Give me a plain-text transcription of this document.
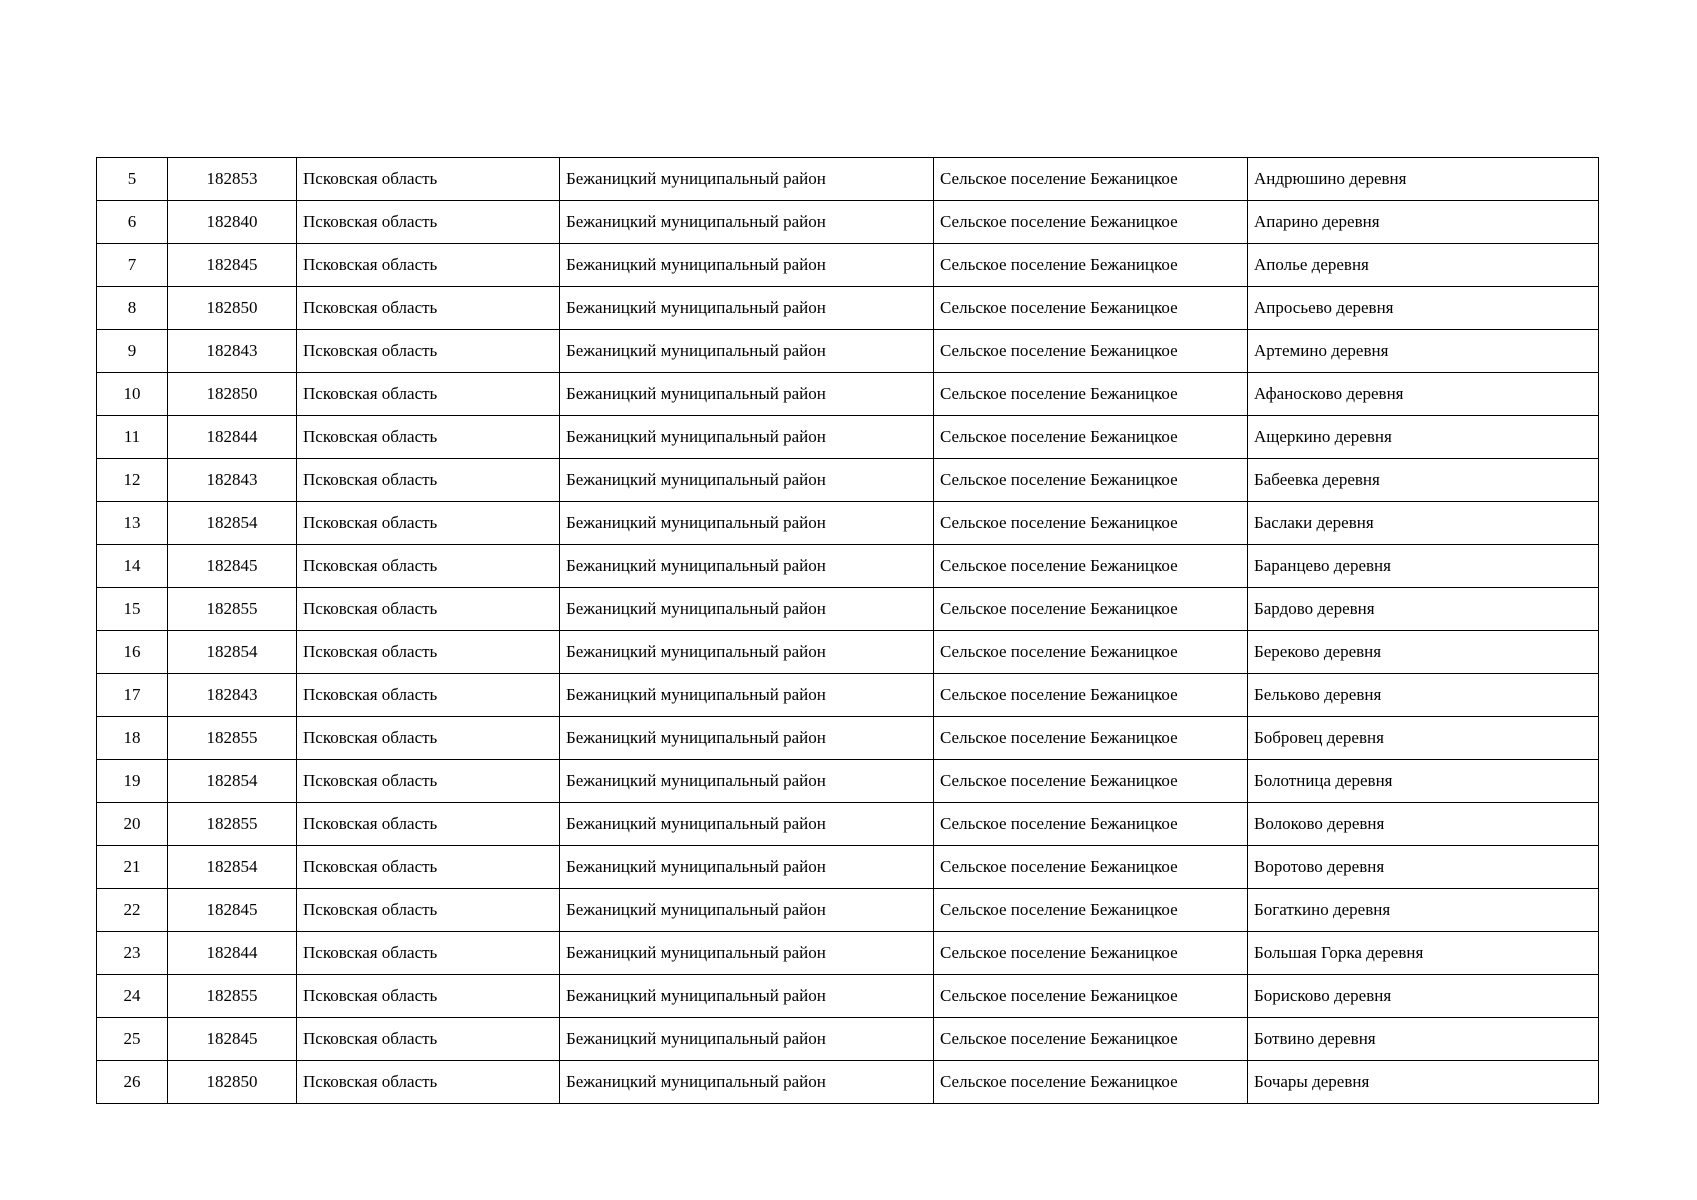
5	182853	Псковская область	Бежаницкий муниципальный район	Сельское поселение Бежаницкое	Андрюшино деревня
6	182840	Псковская область	Бежаницкий муниципальный район	Сельское поселение Бежаницкое	Апарино деревня
7	182845	Псковская область	Бежаницкий муниципальный район	Сельское поселение Бежаницкое	Аполье деревня
8	182850	Псковская область	Бежаницкий муниципальный район	Сельское поселение Бежаницкое	Апросьево деревня
9	182843	Псковская область	Бежаницкий муниципальный район	Сельское поселение Бежаницкое	Артемино деревня
10	182850	Псковская область	Бежаницкий муниципальный район	Сельское поселение Бежаницкое	Афаносково деревня
11	182844	Псковская область	Бежаницкий муниципальный район	Сельское поселение Бежаницкое	Ащеркино деревня
12	182843	Псковская область	Бежаницкий муниципальный район	Сельское поселение Бежаницкое	Бабеевка деревня
13	182854	Псковская область	Бежаницкий муниципальный район	Сельское поселение Бежаницкое	Баслаки деревня
14	182845	Псковская область	Бежаницкий муниципальный район	Сельское поселение Бежаницкое	Баранцево деревня
15	182855	Псковская область	Бежаницкий муниципальный район	Сельское поселение Бежаницкое	Бардово деревня
16	182854	Псковская область	Бежаницкий муниципальный район	Сельское поселение Бежаницкое	Береково деревня
17	182843	Псковская область	Бежаницкий муниципальный район	Сельское поселение Бежаницкое	Бельково деревня
18	182855	Псковская область	Бежаницкий муниципальный район	Сельское поселение Бежаницкое	Бобровец деревня
19	182854	Псковская область	Бежаницкий муниципальный район	Сельское поселение Бежаницкое	Болотница деревня
20	182855	Псковская область	Бежаницкий муниципальный район	Сельское поселение Бежаницкое	Волоково деревня
21	182854	Псковская область	Бежаницкий муниципальный район	Сельское поселение Бежаницкое	Воротово деревня
22	182845	Псковская область	Бежаницкий муниципальный район	Сельское поселение Бежаницкое	Богаткино деревня
23	182844	Псковская область	Бежаницкий муниципальный район	Сельское поселение Бежаницкое	Большая Горка деревня
24	182855	Псковская область	Бежаницкий муниципальный район	Сельское поселение Бежаницкое	Борисково деревня
25	182845	Псковская область	Бежаницкий муниципальный район	Сельское поселение Бежаницкое	Ботвино деревня
26	182850	Псковская область	Бежаницкий муниципальный район	Сельское поселение Бежаницкое	Бочары деревня
